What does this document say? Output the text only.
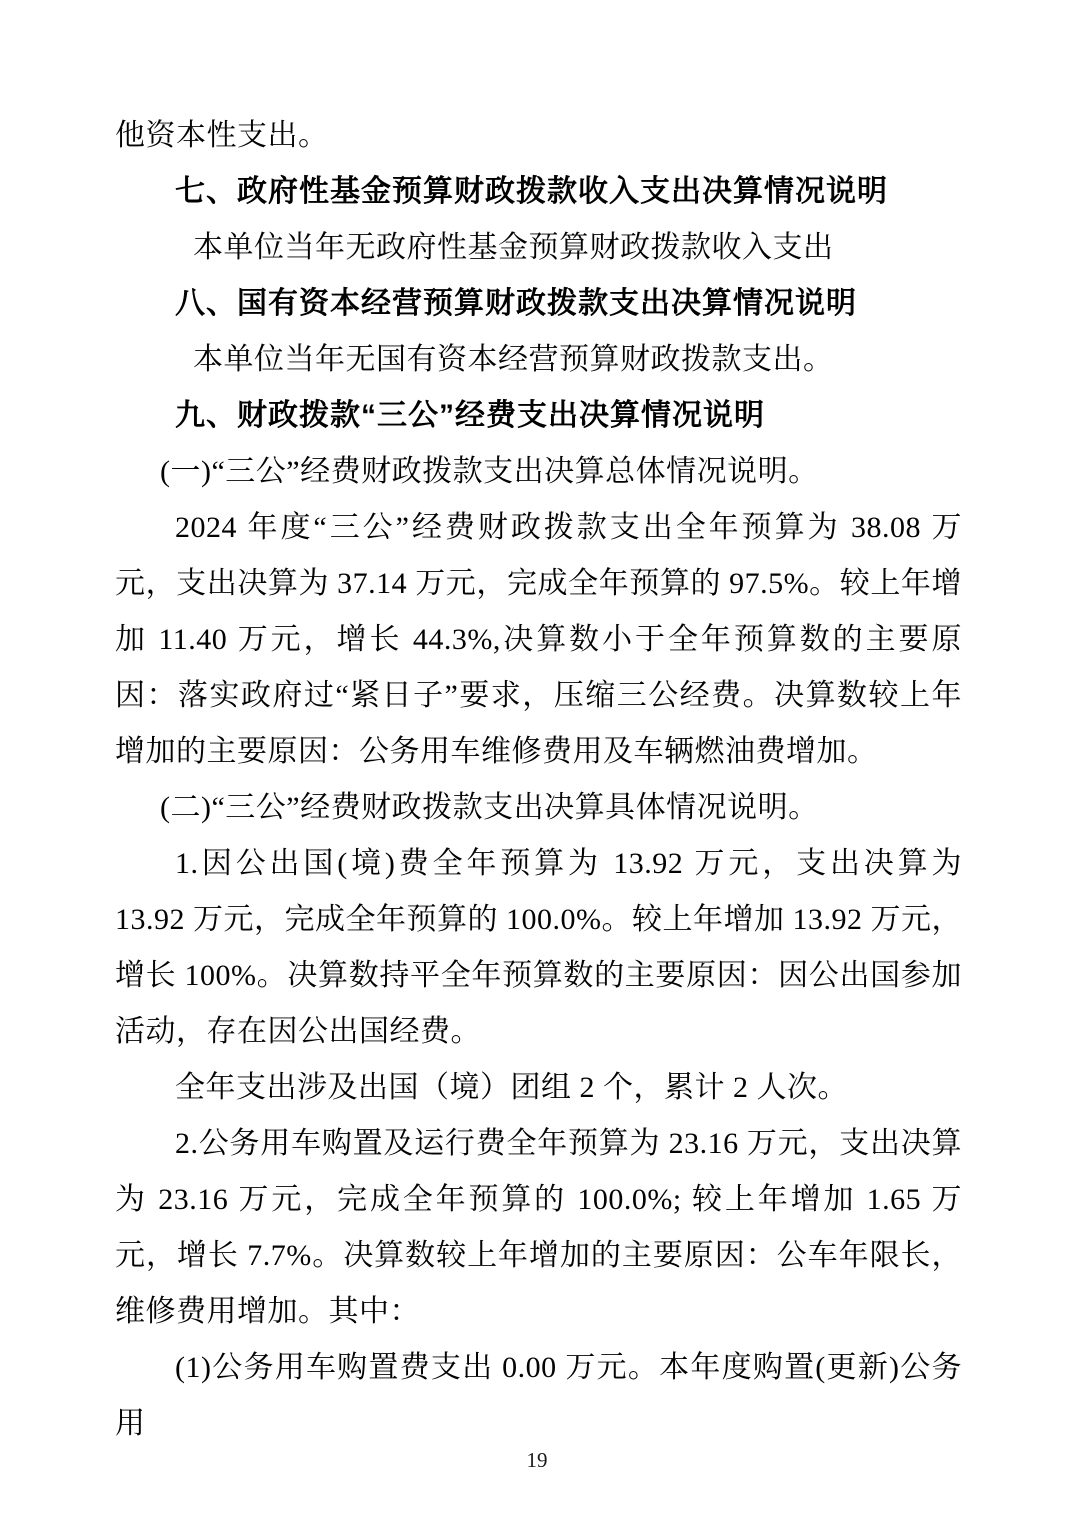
他资本性支出。

七、政府性基金预算财政拨款收入支出决算情况说明

本单位当年无政府性基金预算财政拨款收入支出

八、国有资本经营预算财政拨款支出决算情况说明

本单位当年无国有资本经营预算财政拨款支出。

九、财政拨款“三公”经费支出决算情况说明

(一)“三公”经费财政拨款支出决算总体情况说明。

2024 年度“三公”经费财政拨款支出全年预算为 38.08 万元，支出决算为 37.14 万元，完成全年预算的 97.5%。较上年增加 11.40 万元，增长 44.3%,决算数小于全年预算数的主要原因：落实政府过“紧日子”要求，压缩三公经费。决算数较上年增加的主要原因：公务用车维修费用及车辆燃油费增加。

(二)“三公”经费财政拨款支出决算具体情况说明。

1.因公出国(境)费全年预算为 13.92 万元，支出决算为 13.92 万元，完成全年预算的 100.0%。较上年增加 13.92 万元，增长 100%。决算数持平全年预算数的主要原因：因公出国参加活动，存在因公出国经费。

全年支出涉及出国（境）团组 2 个，累计 2 人次。

2.公务用车购置及运行费全年预算为 23.16 万元，支出决算为 23.16 万元，完成全年预算的 100.0%; 较上年增加 1.65 万元，增长 7.7%。决算数较上年增加的主要原因：公车年限长，维修费用增加。其中：

(1)公务用车购置费支出 0.00 万元。本年度购置(更新)公务用

19
